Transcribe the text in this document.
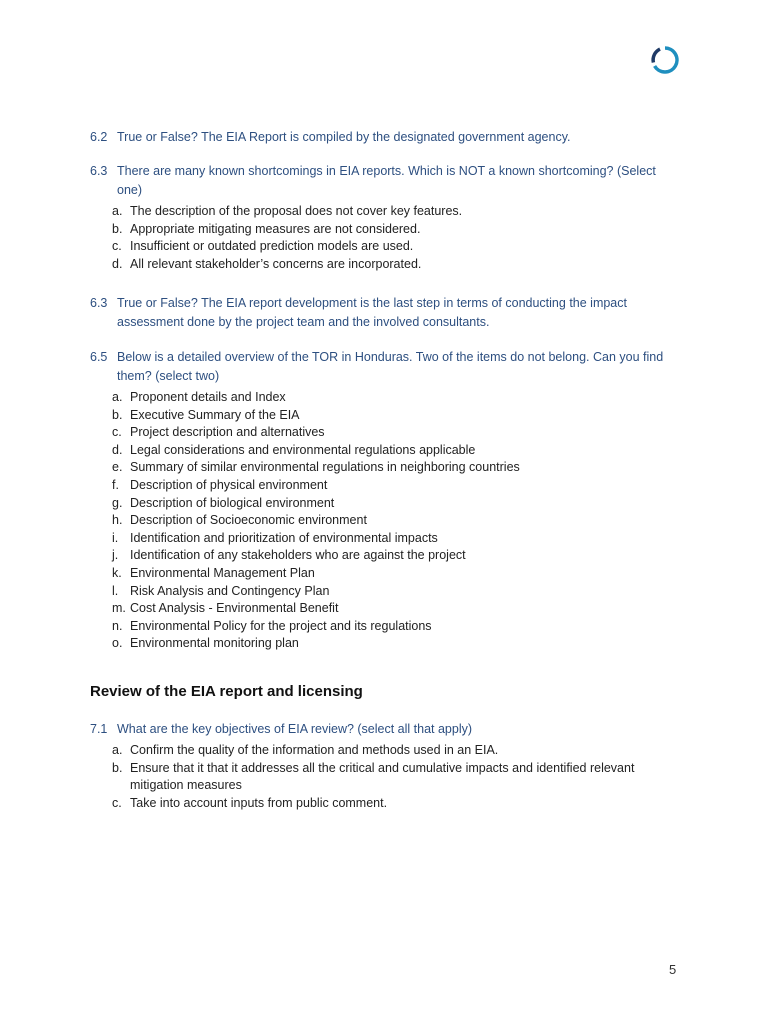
6.2 True or False? The EIA Report is compiled by the designated government agency.
6.3 There are many known shortcomings in EIA reports. Which is NOT a known shortcoming? (Select one)
a. The description of the proposal does not cover key features.
b. Appropriate mitigating measures are not considered.
c. Insufficient or outdated prediction models are used.
d. All relevant stakeholder’s concerns are incorporated.
6.3 True or False? The EIA report development is the last step in terms of conducting the impact assessment done by the project team and the involved consultants.
6.5 Below is a detailed overview of the TOR in Honduras. Two of the items do not belong. Can you find them? (select two)
a. Proponent details and Index
b. Executive Summary of the EIA
c. Project description and alternatives
d. Legal considerations and environmental regulations applicable
e. Summary of similar environmental regulations in neighboring countries
f. Description of physical environment
g. Description of biological environment
h. Description of Socioeconomic environment
i. Identification and prioritization of environmental impacts
j. Identification of any stakeholders who are against the project
k. Environmental Management Plan
l. Risk Analysis and Contingency Plan
m. Cost Analysis - Environmental Benefit
n. Environmental Policy for the project and its regulations
o. Environmental monitoring plan
Review of the EIA report and licensing
7.1 What are the key objectives of EIA review? (select all that apply)
a. Confirm the quality of the information and methods used in an EIA.
b. Ensure that it that it addresses all the critical and cumulative impacts and identified relevant mitigation measures
c. Take into account inputs from public comment.
5
